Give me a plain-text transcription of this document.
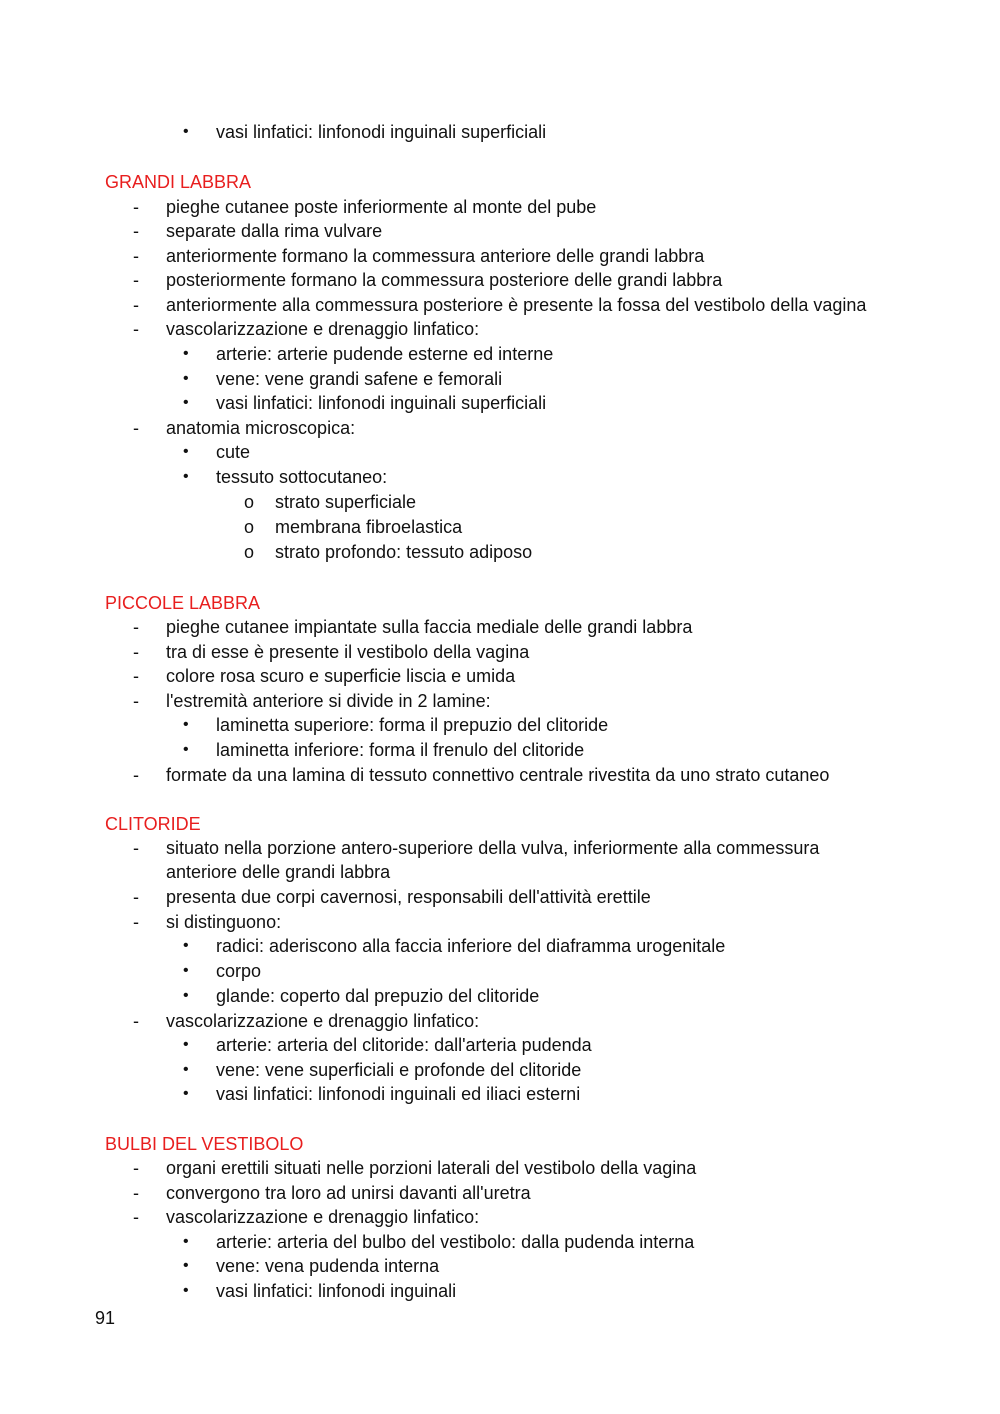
91
• vasi linfatici: linfonodi inguinali superficiali
GRANDI LABBRA
- pieghe cutanee poste inferiormente al monte del pube
- separate dalla rima vulvare
- anteriormente formano la commessura anteriore delle grandi labbra
- posteriormente formano la commessura posteriore delle grandi labbra
- anteriormente alla commessura posteriore è presente la fossa del vestibolo della vagina
- vascolarizzazione e drenaggio linfatico:
• arterie: arterie pudende esterne ed interne
• vene: vene grandi safene e femorali
• vasi linfatici: linfonodi inguinali superficiali
- anatomia microscopica:
• cute
• tessuto sottocutaneo:
o strato superficiale
o membrana fibroelastica
o strato profondo: tessuto adiposo
PICCOLE LABBRA
- pieghe cutanee impiantate sulla faccia mediale delle grandi labbra
- tra di esse è presente il vestibolo della vagina
- colore rosa scuro e superficie liscia e umida
- l'estremità anteriore si divide in 2 lamine:
• laminetta superiore: forma il prepuzio del clitoride
• laminetta inferiore: forma il frenulo del clitoride
- formate da una lamina di tessuto connettivo centrale rivestita da uno strato cutaneo
CLITORIDE
- situato nella porzione antero-superiore della vulva, inferiormente alla commessura
anteriore delle grandi labbra
- presenta due corpi cavernosi, responsabili dell'attività erettile
- si distinguono:
• radici: aderiscono alla faccia inferiore del diaframma urogenitale
• corpo
• glande: coperto dal prepuzio del clitoride
- vascolarizzazione e drenaggio linfatico:
• arterie: arteria del clitoride: dall'arteria pudenda
• vene: vene superficiali e profonde del clitoride
• vasi linfatici: linfonodi inguinali ed iliaci esterni
BULBI DEL VESTIBOLO
- organi erettili situati nelle porzioni laterali del vestibolo della vagina
- convergono tra loro ad unirsi davanti all'uretra
- vascolarizzazione e drenaggio linfatico:
• arterie: arteria del bulbo del vestibolo: dalla pudenda interna
• vene: vena pudenda interna
• vasi linfatici: linfonodi inguinali
